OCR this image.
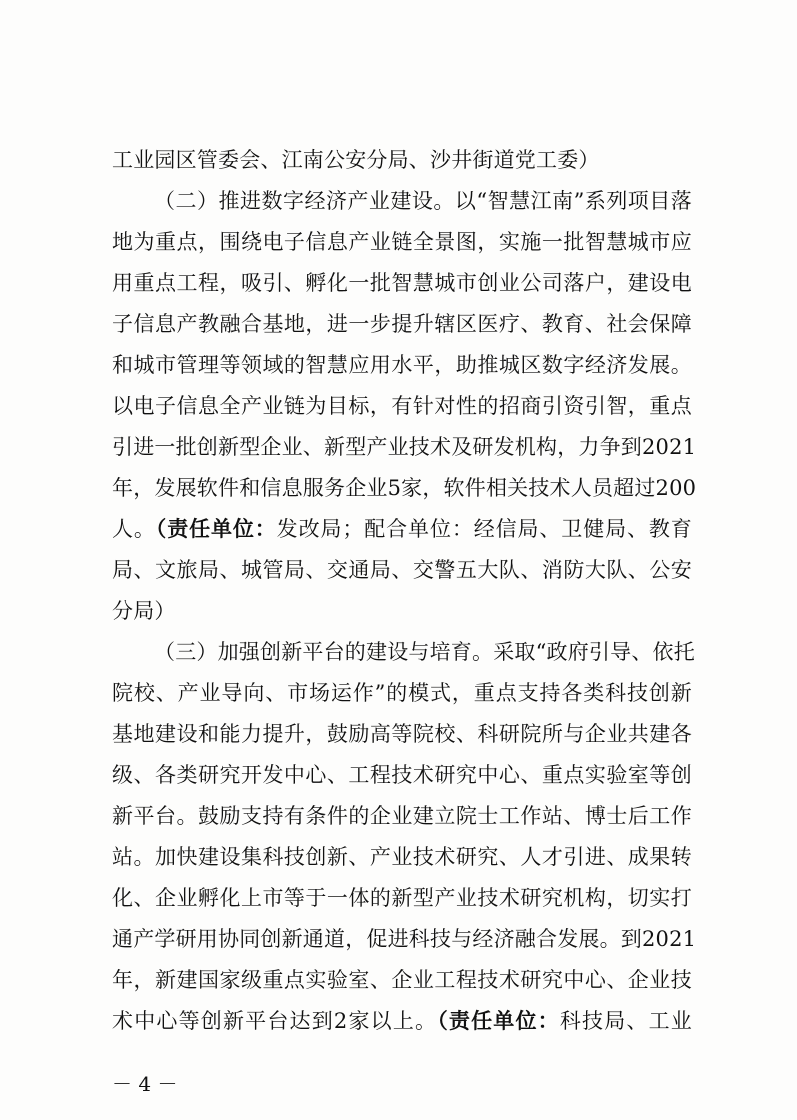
工业园区管委会、江南公安分局、沙井街道党工委）
（二）推进数字经济产业建设。以“智慧江南”系列项目落
地为重点，围绕电子信息产业链全景图，实施一批智慧城市应
用重点工程，吸引、孵化一批智慧城市创业公司落户，建设电
子信息产教融合基地，进一步提升辖区医疗、教育、社会保障
和城市管理等领域的智慧应用水平，助推城区数字经济发展。
以电子信息全产业链为目标，有针对性的招商引资引智，重点
引进一批创新型企业、新型产业技术及研发机构，力争到2021
年，发展软件和信息服务企业5家，软件相关技术人员超过200
人。（责任单位：发改局；配合单位：经信局、卫健局、教育
局、文旅局、城管局、交通局、交警五大队、消防大队、公安
分局）
（三）加强创新平台的建设与培育。采取“政府引导、依托
院校、产业导向、市场运作”的模式，重点支持各类科技创新
基地建设和能力提升，鼓励高等院校、科研院所与企业共建各
级、各类研究开发中心、工程技术研究中心、重点实验室等创
新平台。鼓励支持有条件的企业建立院士工作站、博士后工作
站。加快建设集科技创新、产业技术研究、人才引进、成果转
化、企业孵化上市等于一体的新型产业技术研究机构，切实打
通产学研用协同创新通道，促进科技与经济融合发展。到2021
年，新建国家级重点实验室、企业工程技术研究中心、企业技
术中心等创新平台达到2家以上。（责任单位：科技局、工业
－ 4 －
